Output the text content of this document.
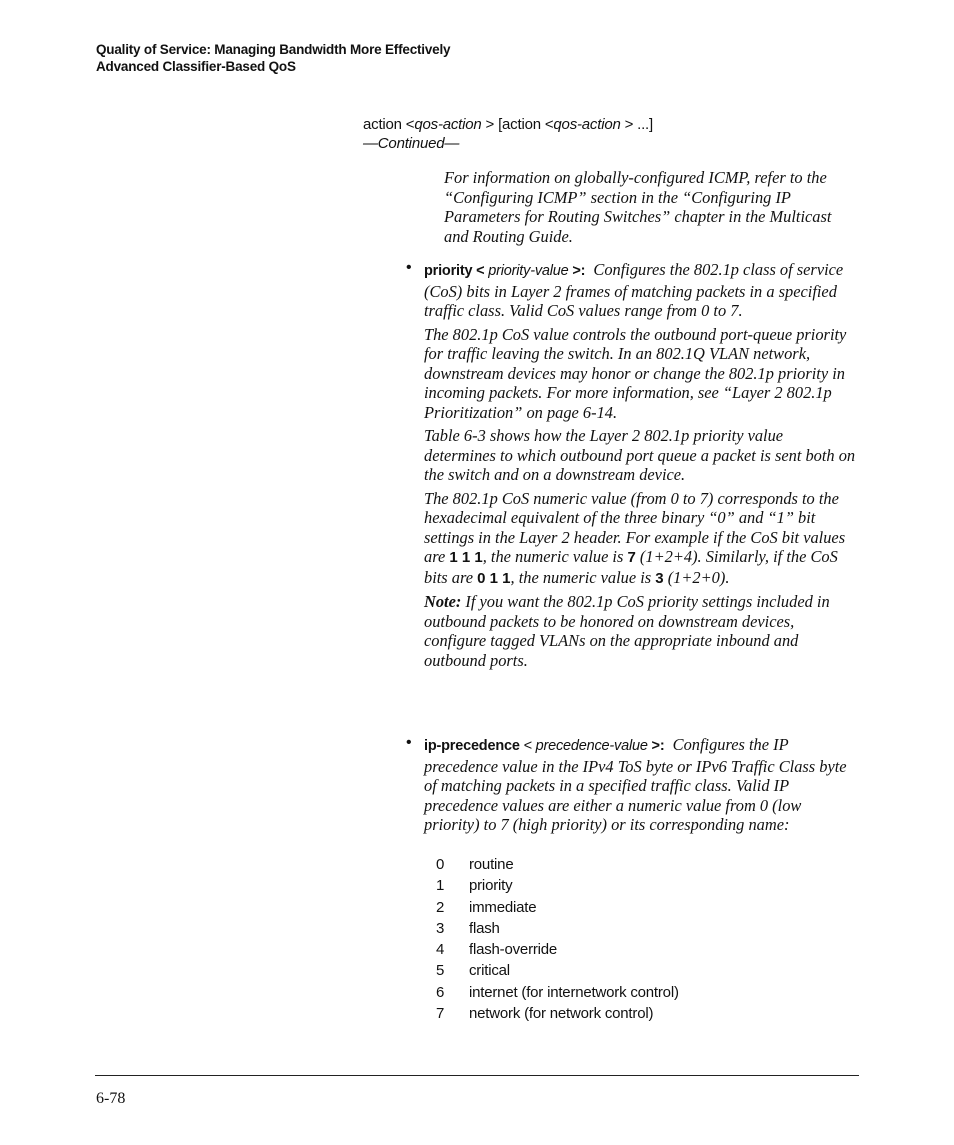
Quality of Service: Managing Bandwidth More Effectively
Advanced Classifier-Based QoS
action <qos-action > [action <qos-action > ...]
—Continued—

For information on globally-configured ICMP, refer to the “Configuring ICMP” section in the “Configuring IP Parameters for Routing Switches” chapter in the Multicast and Routing Guide.

• priority < priority-value >: Configures the 802.1p class of service (CoS) bits in Layer 2 frames of matching packets in a specified traffic class. Valid CoS values range from 0 to 7.

The 802.1p CoS value controls the outbound port-queue priority for traffic leaving the switch. In an 802.1Q VLAN network, downstream devices may honor or change the 802.1p priority in incoming packets. For more information, see “Layer 2 802.1p Prioritization” on page 6-14.

Table 6-3 shows how the Layer 2 802.1p priority value determines to which outbound port queue a packet is sent both on the switch and on a downstream device.

The 802.1p CoS numeric value (from 0 to 7) corresponds to the hexadecimal equivalent of the three binary “0” and “1” bit settings in the Layer 2 header. For example if the CoS bit values are 1 1 1, the numeric value is 7 (1+2+4). Similarly, if the CoS bits are 0 1 1, the numeric value is 3 (1+2+0).

Note: If you want the 802.1p CoS priority settings included in outbound packets to be honored on downstream devices, configure tagged VLANs on the appropriate inbound and outbound ports.

• ip-precedence < precedence-value >: Configures the IP precedence value in the IPv4 ToS byte or IPv6 Traffic Class byte of matching packets in a specified traffic class. Valid IP precedence values are either a numeric value from 0 (low priority) to 7 (high priority) or its corresponding name:

0	routine
1	priority
2	immediate
3	flash
4	flash-override
5	critical
6	internet (for internetwork control)
7	network (for network control)
6-78
